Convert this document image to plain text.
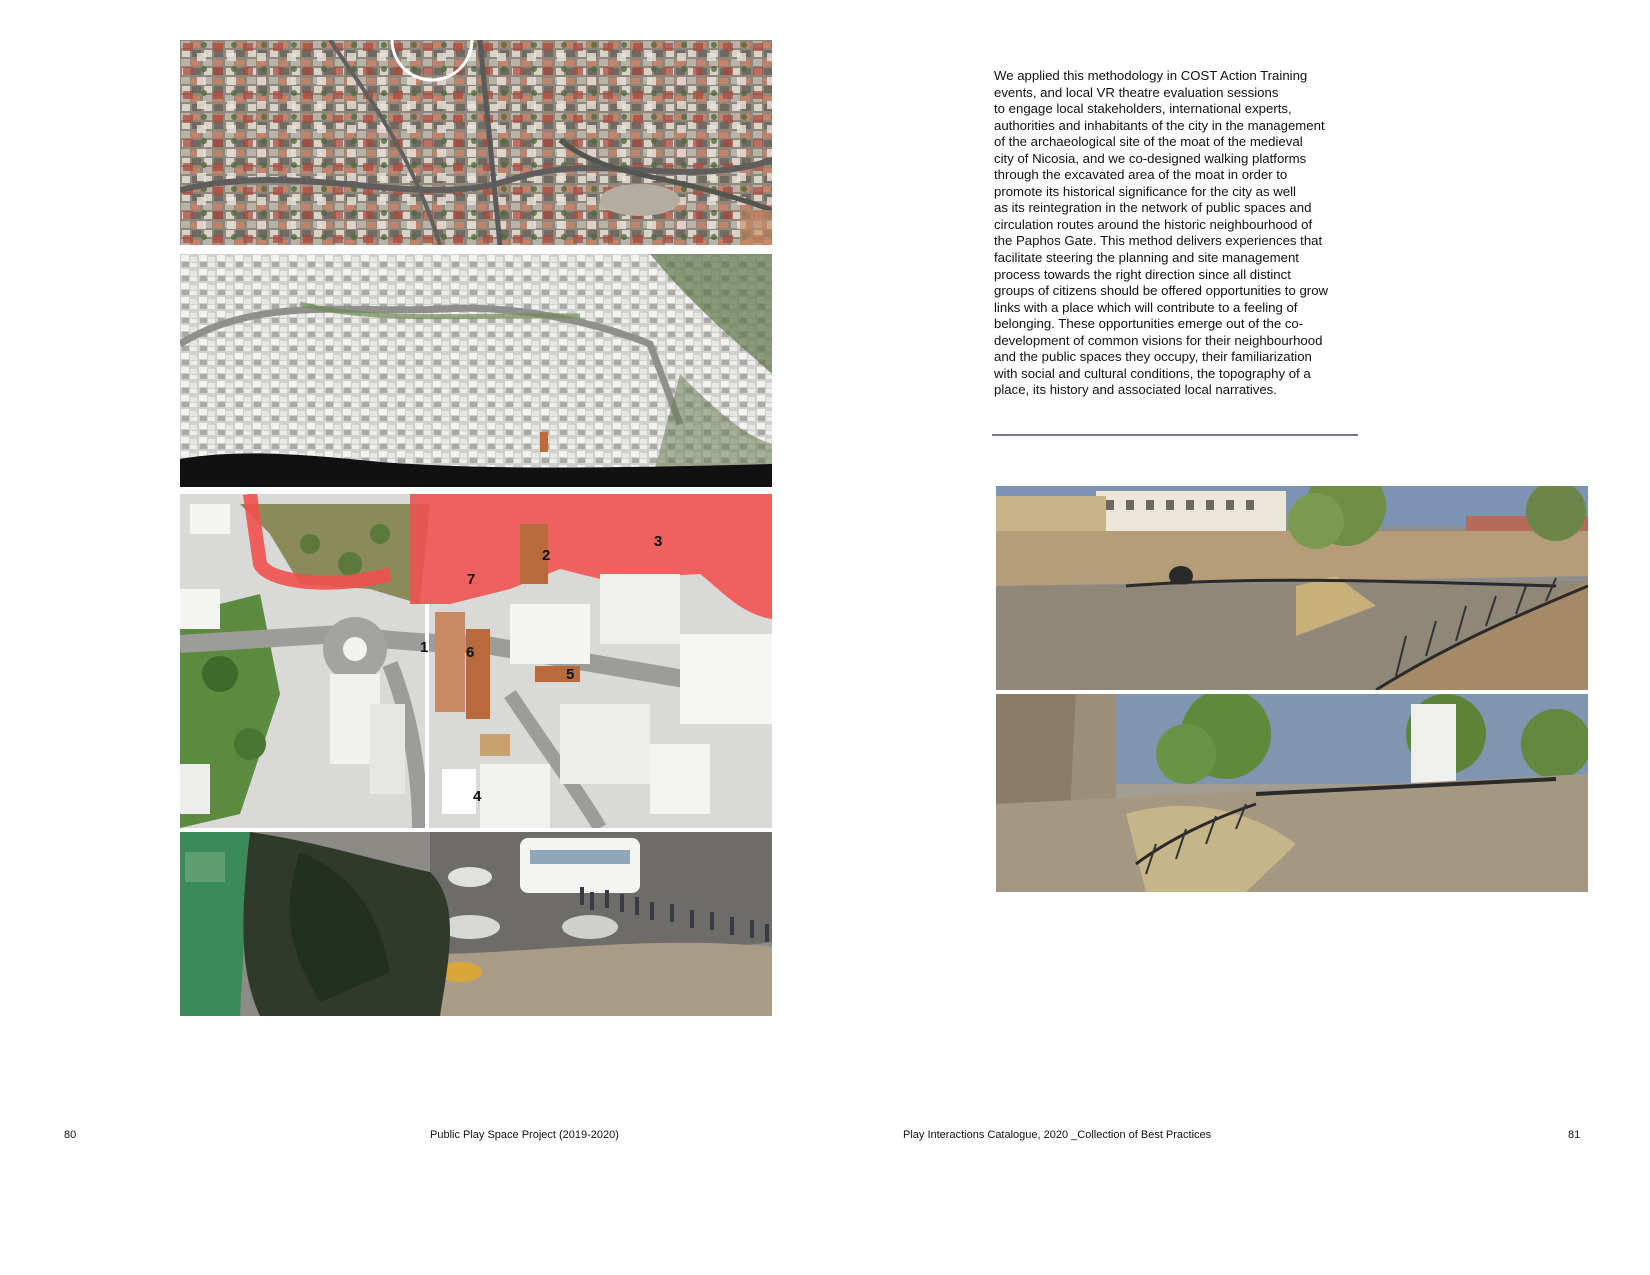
1
2
3
4
5
6
7

We applied this methodology in COST Action Training
events, and local VR theatre evaluation sessions
to engage local stakeholders, international experts,
authorities and inhabitants of the city in the management
of the archaeological site of the moat of the medieval
city of Nicosia, and we co-designed walking platforms
through the excavated area of the moat in order to
promote its historical significance for the city as well
as its reintegration in the network of public spaces and
circulation routes around the historic neighbourhood of
the Paphos Gate. This method delivers experiences that
facilitate steering the planning and site management
process towards the right direction since all distinct
groups of citizens should be offered opportunities to grow
links with a place which will contribute to a feeling of
belonging. These opportunities emerge out of the co-
development of common visions for their neighbourhood
and the public spaces they occupy, their familiarization
with social and cultural conditions, the topography of a
place, its history and associated local narratives.

80	Public Play Space Project (2019-2020)	Play Interactions Catalogue, 2020 _Collection of Best Practices	81
